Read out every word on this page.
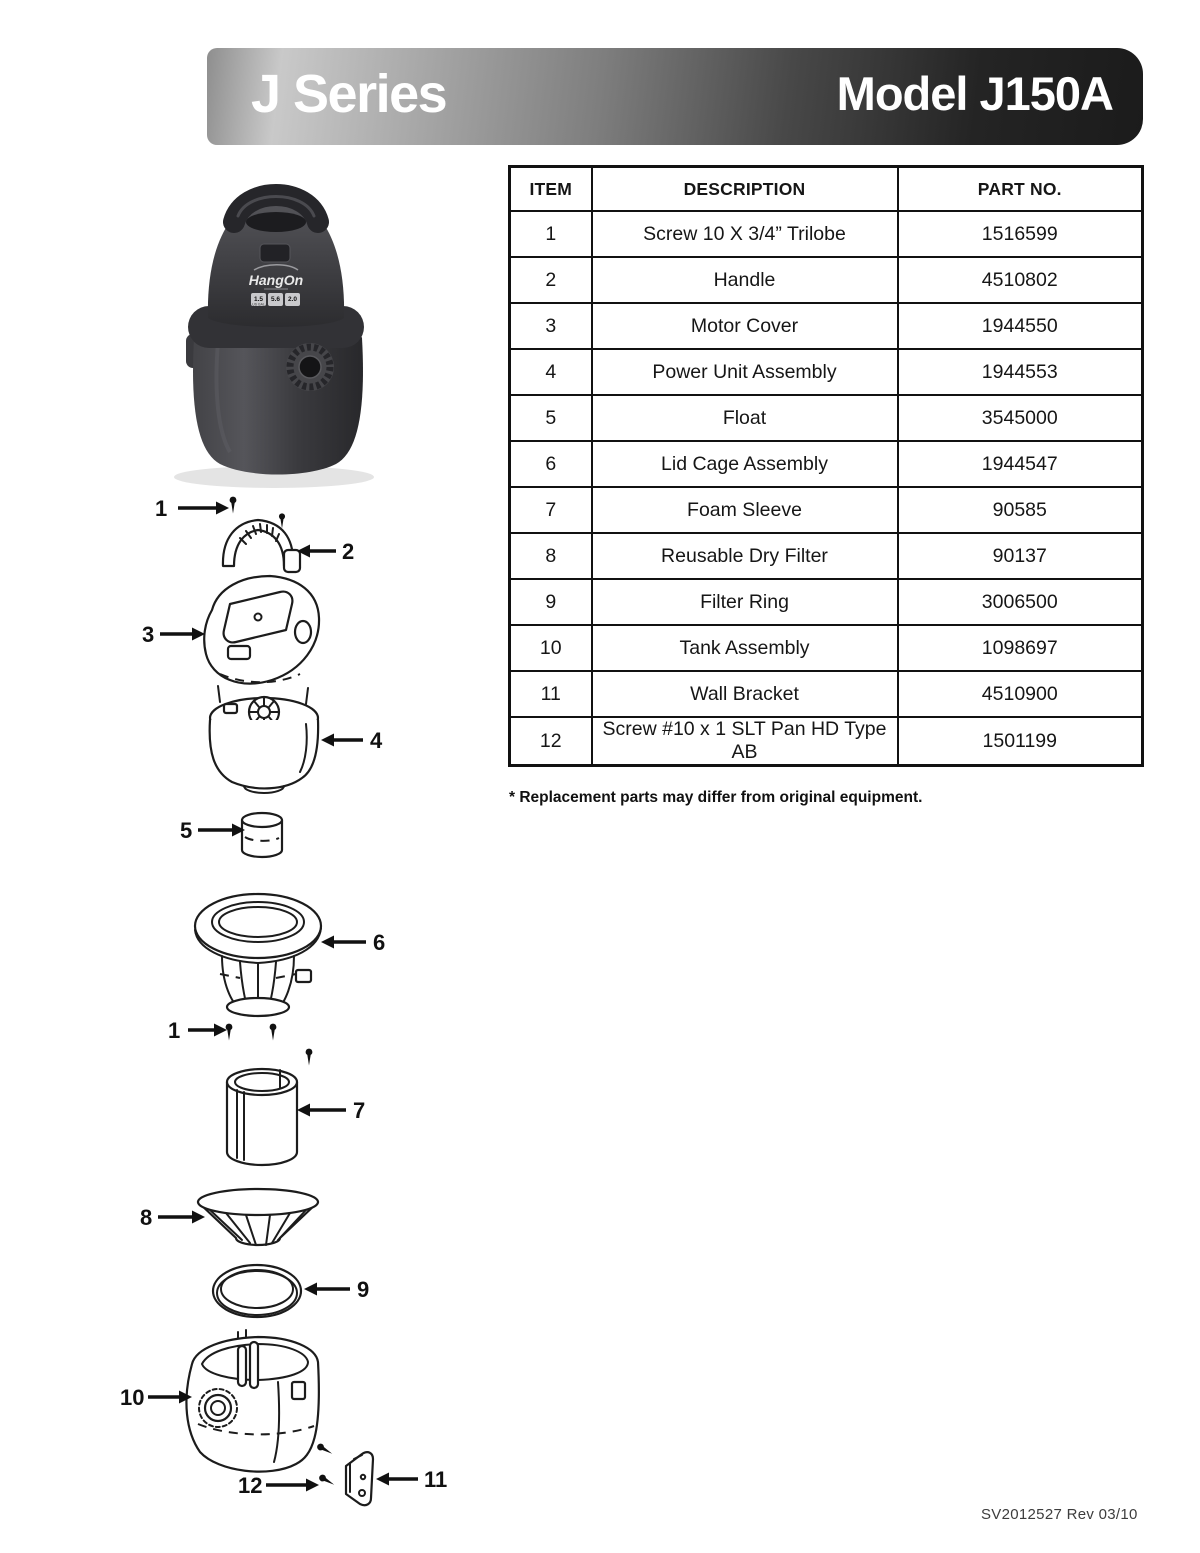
J Series	Model J150A
HangOn
1.5 5.6 2.0
US GAL
ITEM	DESCRIPTION	PART NO.
1	Screw 10 X 3/4” Trilobe	1516599
2	Handle	4510802
3	Motor Cover	1944550
4	Power Unit Assembly	1944553
5	Float	3545000
6	Lid Cage Assembly	1944547
7	Foam Sleeve	90585
8	Reusable Dry Filter	90137
9	Filter Ring	3006500
10	Tank Assembly	1098697
11	Wall Bracket	4510900
12	Screw #10 x 1 SLT Pan HD Type AB	1501199
* Replacement parts may differ from original equipment.
SV2012527 Rev 03/10
1
2
3
4
5
6
1
7
8
9
10
12	11
